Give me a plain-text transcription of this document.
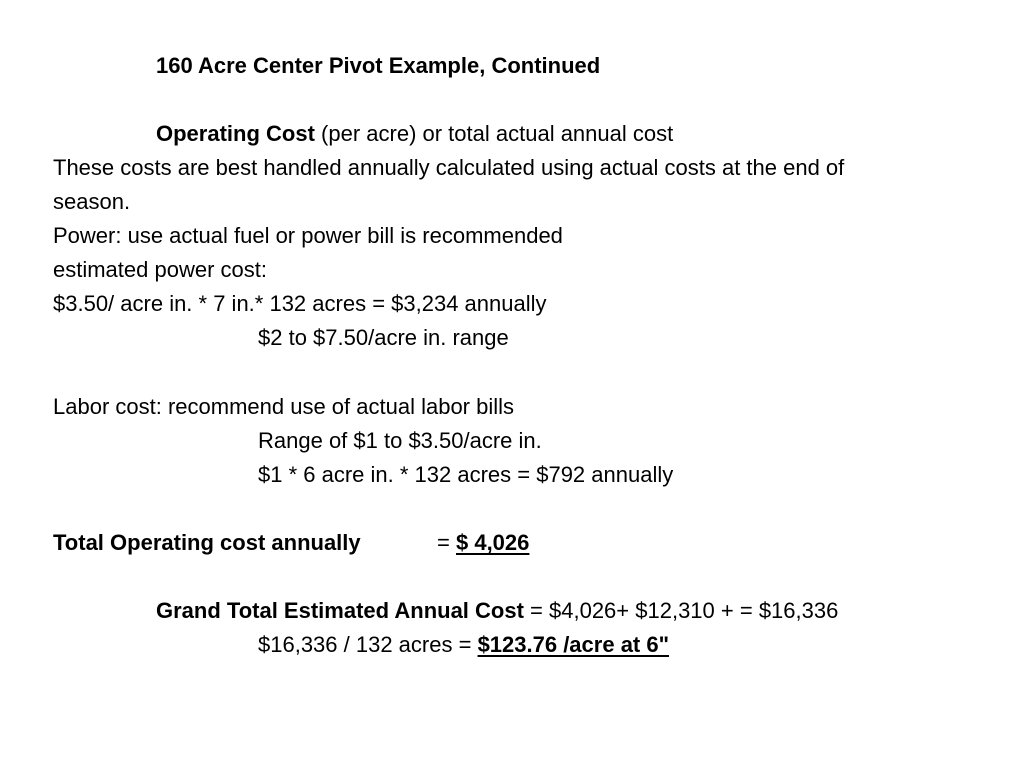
160 Acre Center Pivot Example, Continued
Operating Cost (per acre) or total actual annual cost
These costs are best handled annually calculated using actual costs at the end of
season.
Power: use actual fuel or power bill is recommended
estimated power cost:
$3.50/ acre in. * 7 in.* 132 acres = $3,234 annually
$2 to $7.50/acre in. range
Labor cost: recommend use of actual labor bills
Range of $1 to $3.50/acre in.
$1 * 6 acre in. * 132 acres = $792 annually
Total Operating cost annually	= $ 4,026
Grand Total Estimated Annual Cost = $4,026+ $12,310 + = $16,336
$16,336 / 132 acres = $123.76 /acre at 6"
